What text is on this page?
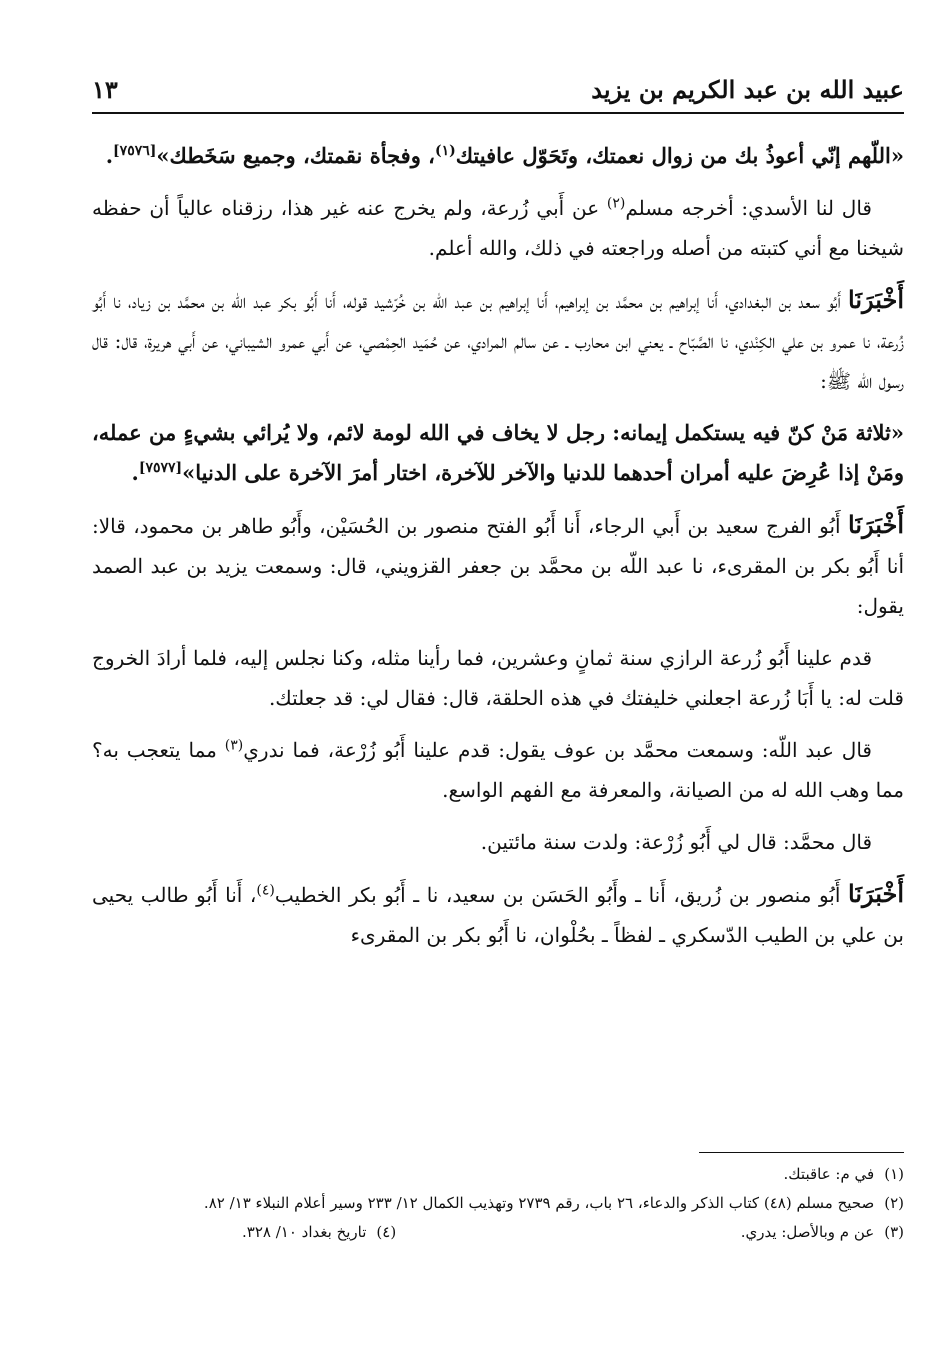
عبيد الله بن عبد الكريم بن يزيد
١٣

«اللّهم إنّي أعوذُ بك من زوال نعمتك، وتَحَوّل عافيتك$^{(١)}$، وفجأة نقمتك، وجميع سَخَطك»[٧٥٧٦].

قال لنا الأسدي: أخرجه مسلم$^{(٢)}$ عن أَبي زُرعة، ولم يخرج عنه غير هذا، رزقناه عالياً أن حفظه شيخنا مع أني كتبته من أصله وراجعته في ذلك، والله أعلم.

أَخْبَرَنَا أَبُو سعد بن البغدادي، أَنا إبراهيم بن محمَّد بن إبراهيم، أَنا إبراهيم بن عبد اللّه بن خُرّشيد قوله، أَنا أَبُو بكر عبد اللّه بن محمَّد بن زياد، نا أَبُو زُرعة، نا عمرو بن علي الكِنْدي، نا الصَّبّاح ـ يعني ابن محارب ـ عن سالم المرادي، عن حُمَيد الحِمْصي، عن أَبي عمرو الشيباني، عن أَبي هريرة، قال: قال رسول الله ﷺ:

«ثلاثة مَنْ كنّ فيه يستكمل إيمانه: رجل لا يخاف في الله لومة لائم، ولا يُرائي بشيءٍ من عمله، ومَنْ إذا عُرِضَ عليه أمران أحدهما للدنيا والآخر للآخرة، اختار أمرَ الآخرة على الدنيا»[٧٥٧٧].

أَخْبَرَنَا أَبُو الفرج سعيد بن أَبي الرجاء، أَنا أَبُو الفتح منصور بن الحُسَيْن، وأَبُو طاهر بن محمود، قالا: أنا أَبُو بكر بن المقرىء، نا عبد اللّه بن محمَّد بن جعفر القزويني، قال: وسمعت يزيد بن عبد الصمد يقول:

قدم علينا أَبُو زُرعة الرازي سنة ثمانٍ وعشرين، فما رأينا مثله، وكنا نجلس إليه، فلما أرادَ الخروج قلت له: يا أَبَا زُرعة اجعلني خليفتك في هذه الحلقة، قال: فقال لي: قد جعلتك.

قال عبد اللّه: وسمعت محمَّد بن عوف يقول: قدم علينا أَبُو زُرْعة، فما ندري$^{(٣)}$ مما يتعجب به؟ مما وهب الله له من الصيانة، والمعرفة مع الفهم الواسع.

قال محمَّد: قال لي أَبُو زُرْعة: ولدت سنة مائتين.

أَخْبَرَنَا أَبُو منصور بن زُريق، أَنا ـ وأَبُو الحَسَن بن سعيد، نا ـ أَبُو بكر الخطيب$^{(٤)}$، أَنا أَبُو طالب يحيى بن علي بن الطيب الدّسكري ـ لفظاً ـ بحُلْوان، نا أَبُو بكر بن المقرىء

(١)
في م: عاقبتك.
(٢)
صحيح مسلم (٤٨) كتاب الذكر والدعاء، ٢٦ باب، رقم ٢٧٣٩ وتهذيب الكمال ١٢/ ٢٣٣ وسير أعلام النبلاء ١٣/ ٨٢.
(٣)
عن م وبالأصل: يدري.
(٤)
تاريخ بغداد ١٠/ ٣٢٨.
